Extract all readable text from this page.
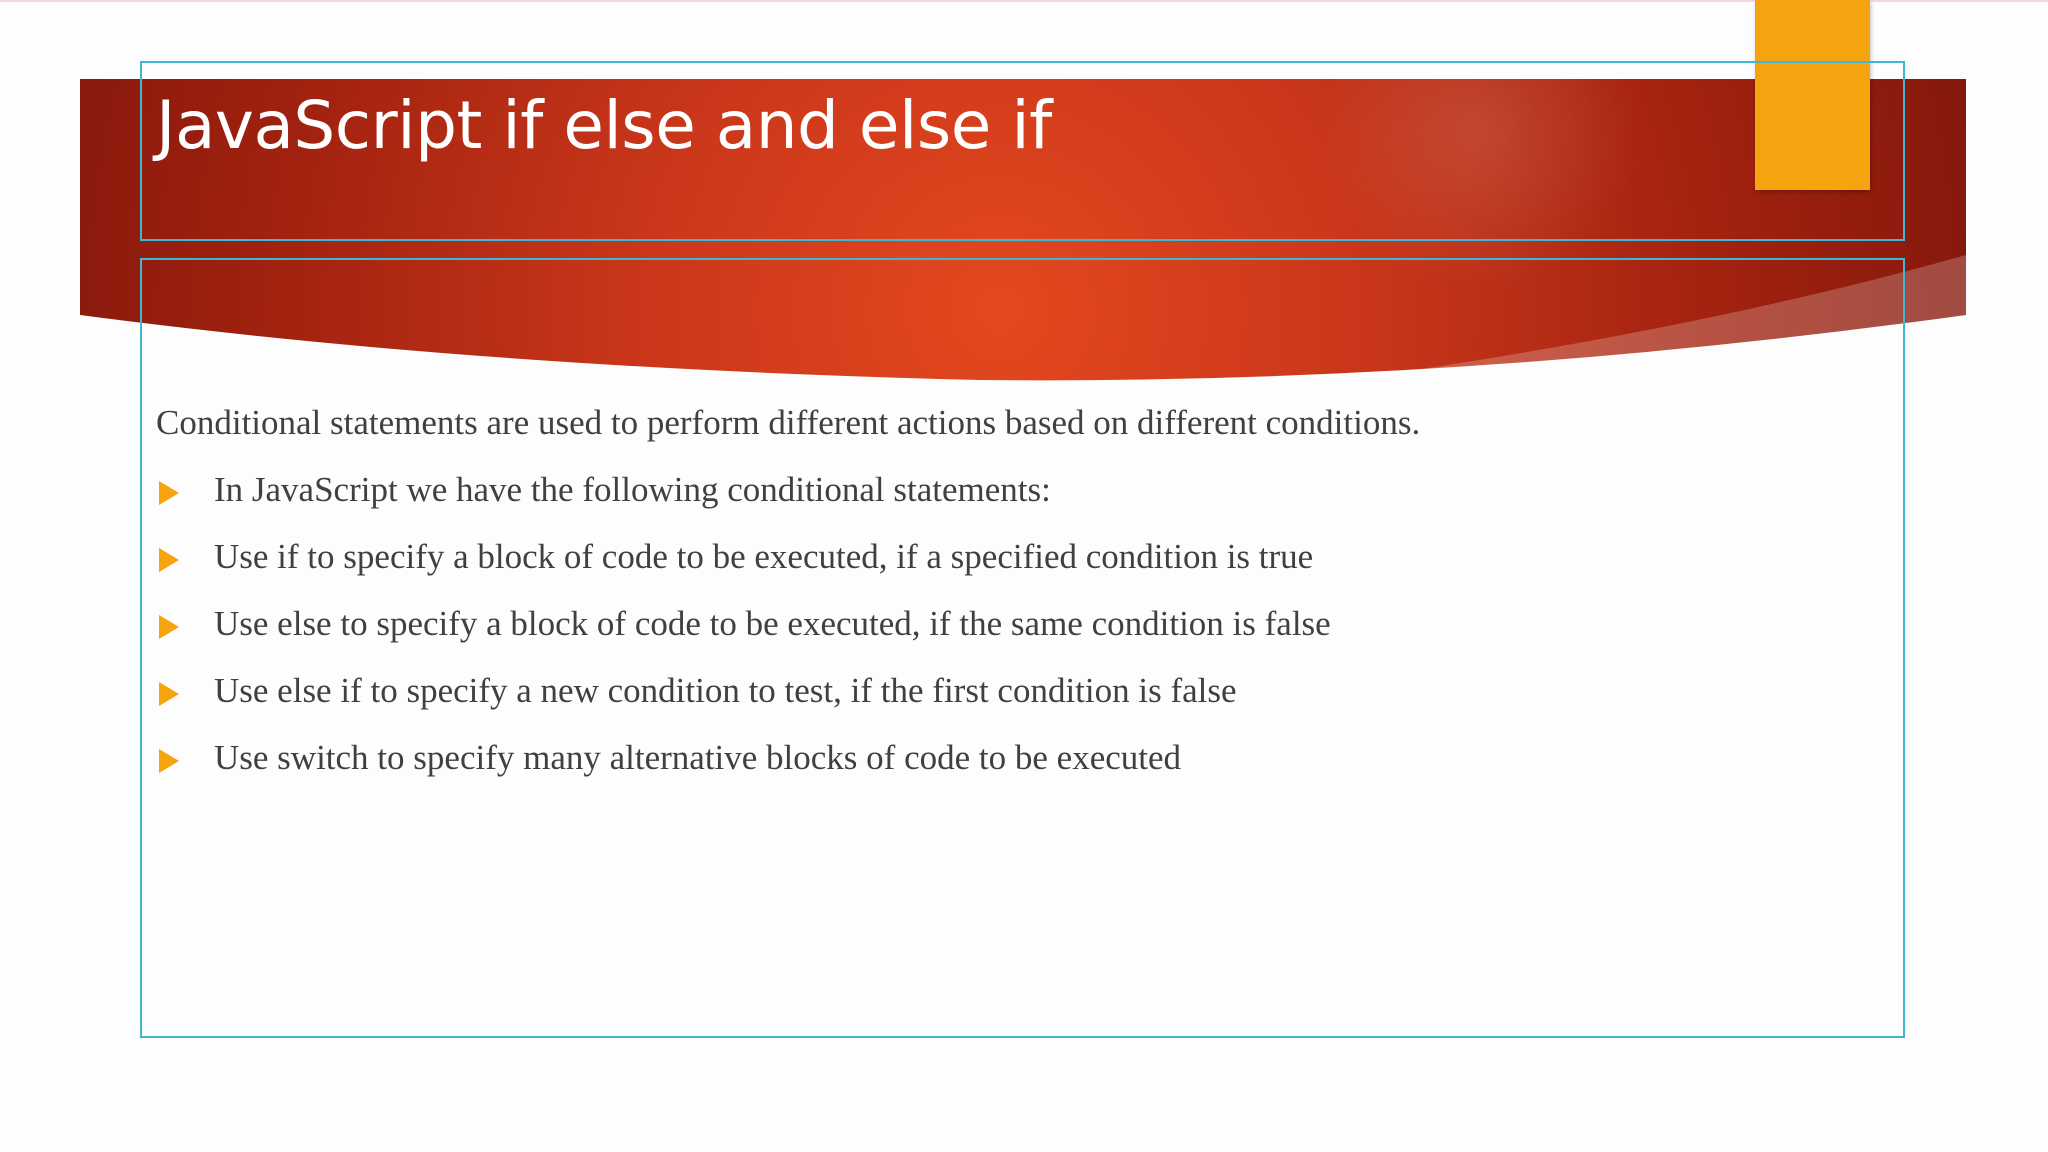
JavaScript if else and else if

Conditional statements are used to perform different actions based on different conditions.

In JavaScript we have the following conditional statements:
Use if to specify a block of code to be executed, if a specified condition is true
Use else to specify a block of code to be executed, if the same condition is false
Use else if to specify a new condition to test, if the first condition is false
Use switch to specify many alternative blocks of code to be executed
